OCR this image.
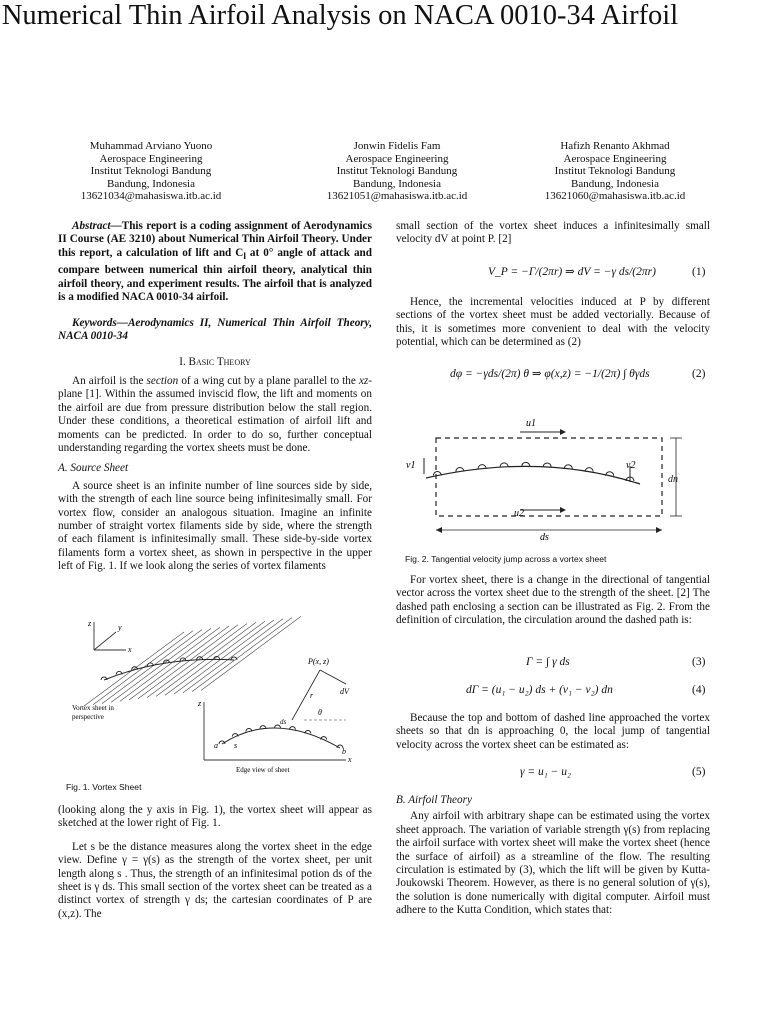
Numerical Thin Airfoil Analysis on NACA 0010-34 Airfoil
Muhammad Arviano Yuono
Aerospace Engineering
Institut Teknologi Bandung
Bandung, Indonesia
13621034@mahasiswa.itb.ac.id
Jonwin Fidelis Fam
Aerospace Engineering
Institut Teknologi Bandung
Bandung, Indonesia
13621051@mahasiswa.itb.ac.id
Hafizh Renanto Akhmad
Aerospace Engineering
Institut Teknologi Bandung
Bandung, Indonesia
13621060@mahasiswa.itb.ac.id

Abstract—This report is a coding assignment of Aerodynamics II Course (AE 3210) about Numerical Thin Airfoil Theory. Under this report, a calculation of lift and $C_l$ at 0° angle of attack and compare between numerical thin airfoil theory, analytical thin airfoil theory, and experiment results. The airfoil that is analyzed is a modified NACA 0010-34 airfoil.

Keywords—Aerodynamics II, Numerical Thin Airfoil Theory, NACA 0010-34

I. Basic Theory

An airfoil is the section of a wing cut by a plane parallel to the xz-plane [1]. Within the assumed inviscid flow, the lift and moments on the airfoil are due from pressure distribution below the stall region. Under these conditions, a theoretical estimation of airfoil lift and moments can be predicted. In order to do so, further conceptual understanding regarding the vortex sheets must be done.

A. Source Sheet

A source sheet is an infinite number of line sources side by side, with the strength of each line source being infinitesimally small. For vortex flow, consider an analogous situation. Imagine an infinite number of straight vortex filaments side by side, where the strength of each filament is infinitesimally small. These side-by-side vortex filaments form a vortex sheet, as shown in perspective in the upper left of Fig. 1. If we look along the series of vortex filaments

z	y
x
Vortex sheet in perspective
z
x
P(x, z)
dV
r
θ
a
b
s
ds
Edge view of sheet
Fig. 1. Vortex Sheet

(looking along the y axis in Fig. 1), the vortex sheet will appear as sketched at the lower right of Fig. 1.

Let s be the distance measures along the vortex sheet in the edge view. Define γ = γ(s) as the strength of the vortex sheet, per unit length along s . Thus, the strength of an infinitesimal potion ds of the sheet is γ ds. This small section of the vortex sheet can be treated as a distinct vortex of strength γ ds; the cartesian coordinates of P are (x,z). The

small section of the vortex sheet induces a infinitesimally small velocity dV at point P. [2]

V_P = −Γ/(2πr) ⇒ dV = −γ ds/(2πr)	(1)

Hence, the incremental velocities induced at P by different sections of the vortex sheet must be added vectorially. Because of this, it is sometimes more convenient to deal with the velocity potential, which can be determined as (2)

dφ = −γds/(2π) θ ⇒ φ(x,z) = −1/(2π) ∫ θγds	(2)
u1
u2
v1	v2
dn
ds
Fig. 2. Tangential velocity jump across a vortex sheet

For vortex sheet, there is a change in the directional of tangential vector across the vortex sheet due to the strength of the sheet. [2] The dashed path enclosing a section can be illustrated as Fig. 2. From the definition of circulation, the circulation around the dashed path is:

Γ = ∫ γ ds	(3)
dΓ = (u₁ − u₂) ds + (v₁ − v₂) dn	(4)

Because the top and bottom of dashed line approached the vortex sheets so that dn is approaching 0, the local jump of tangential velocity across the vortex sheet can be estimated as:

γ = u₁ − u₂	(5)

B. Airfoil Theory

Any airfoil with arbitrary shape can be estimated using the vortex sheet approach. The variation of variable strength γ(s) from replacing the airfoil surface with vortex sheet will make the vortex sheet (hence the surface of airfoil) as a streamline of the flow. The resulting circulation is estimated by (3), which the lift will be given by Kutta-Joukowski Theorem. However, as there is no general solution of γ(s), the solution is done numerically with digital computer. Airfoil must adhere to the Kutta Condition, which states that:
